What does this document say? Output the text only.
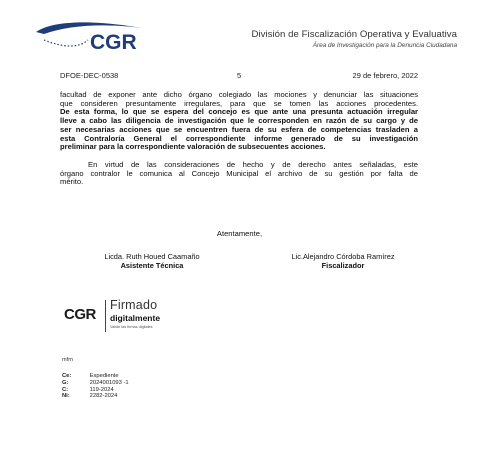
CGR	División de Fiscalización Operativa y Evaluativa
Área de Investigación para la Denuncia Ciudadana
DFOE-DEC-0538	5	29 de febrero, 2022

facultad de exponer ante dicho órgano colegiado las mociones y denunciar las situaciones
que consideren presuntamente irregulares, para que se tomen las acciones procedentes.
De esta forma, lo que se espera del concejo es que ante una presunta actuación irregular
lleve a cabo las diligencia de investigación que le corresponden en razón de su cargo y de
ser necesarias acciones que se encuentren fuera de su esfera de competencias trasladen a
esta Contraloría General el correspondiente informe generado de su investigación
preliminar para la correspondiente valoración de subsecuentes acciones.

En virtud de las consideraciones de hecho y de derecho antes señaladas, este
órgano contralor le comunica al Concejo Municipal el archivo de su gestión por falta de
mérito.

Atentamente,
Licda. Ruth Houed Caamaño
Asistente Técnica
Lic.Alejandro Córdoba Ramírez
Fiscalizador
CGR
Firmado
digitalmente
Valide las firmas digitales
mfm
Ce:	Expediente
G:	2024001093 -1
C:	119-2024
Ni:	2282-2024
